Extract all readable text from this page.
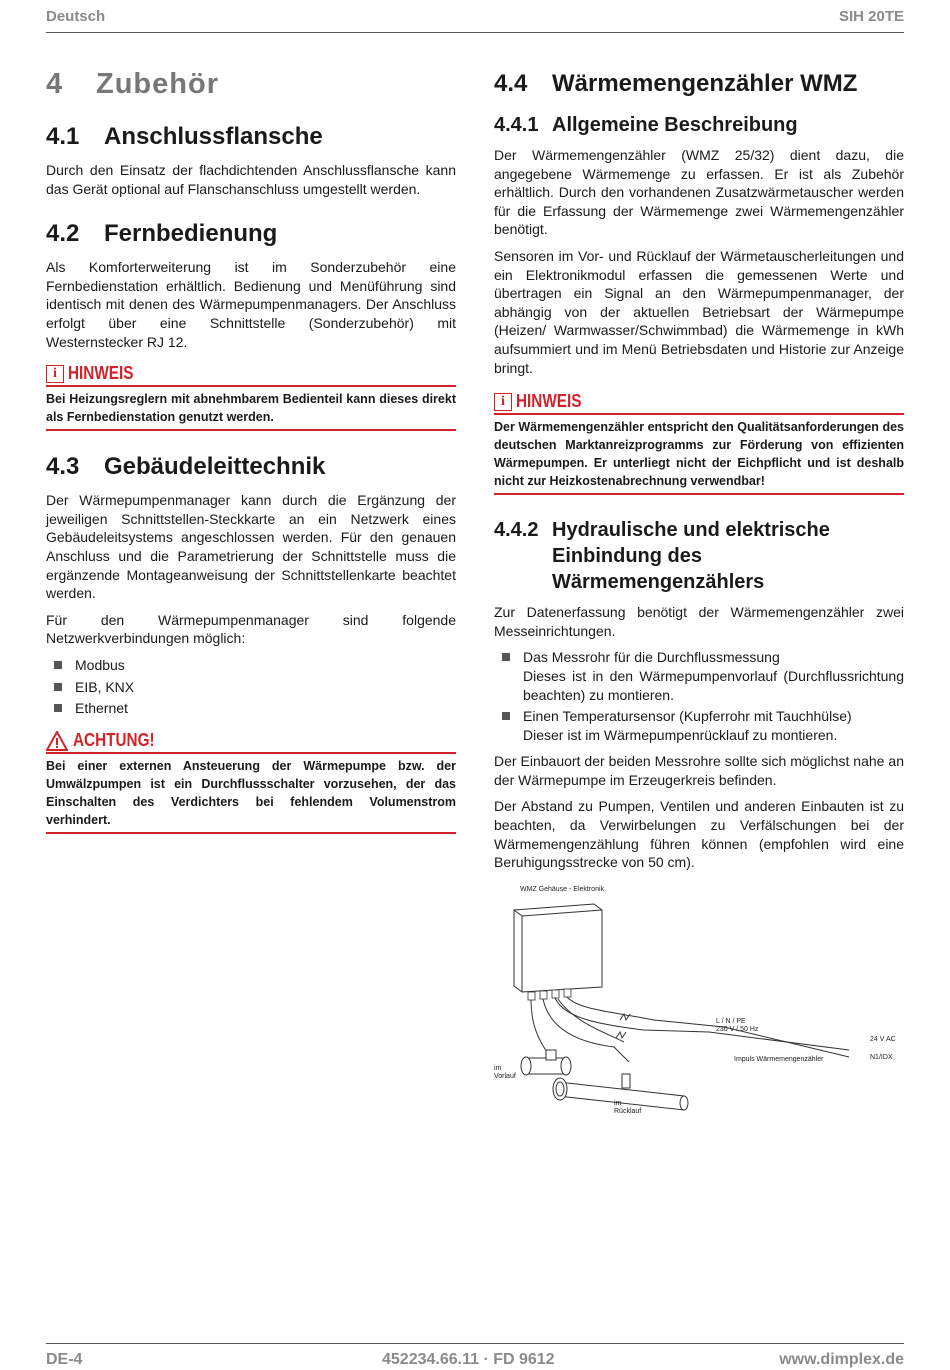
Deutsch	SIH 20TE
4 Zubehör
4.1 Anschlussflansche

Durch den Einsatz der flachdichtenden Anschlussflansche kann das Gerät optional auf Flanschanschluss umgestellt werden.

4.2 Fernbedienung

Als Komforterweiterung ist im Sonderzubehör eine Fernbedienstation erhältlich. Bedienung und Menüführung sind identisch mit denen des Wärmepumpenmanagers. Der Anschluss erfolgt über eine Schnittstelle (Sonderzubehör) mit Westernstecker RJ 12.

i HINWEIS
Bei Heizungsreglern mit abnehmbarem Bedienteil kann dieses direkt als Fernbedienstation genutzt werden.
4.3 Gebäudeleittechnik

Der Wärmepumpenmanager kann durch die Ergänzung der jeweiligen Schnittstellen-Steckkarte an ein Netzwerk eines Gebäudeleitsystems angeschlossen werden. Für den genauen Anschluss und die Parametrierung der Schnittstelle muss die ergänzende Montageanweisung der Schnittstellenkarte beachtet werden.

Für den Wärmepumpenmanager sind folgende Netzwerkverbindungen möglich:

Modbus
EIB, KNX
Ethernet
ACHTUNG!
Bei einer externen Ansteuerung der Wärmepumpe bzw. der Umwälzpumpen ist ein Durchflussschalter vorzusehen, der das Einschalten des Verdichters bei fehlendem Volumenstrom verhindert.
4.4 Wärmemengenzähler WMZ
4.4.1 Allgemeine Beschreibung

Der Wärmemengenzähler (WMZ 25/32) dient dazu, die angegebene Wärmemenge zu erfassen. Er ist als Zubehör erhältlich. Durch den vorhandenen Zusatzwärmetauscher werden für die Erfassung der Wärmemenge zwei Wärmemengenzähler benötigt.

Sensoren im Vor- und Rücklauf der Wärmetauscherleitungen und ein Elektronikmodul erfassen die gemessenen Werte und übertragen ein Signal an den Wärmepumpenmanager, der abhängig von der aktuellen Betriebsart der Wärmepumpe (Heizen/ Warmwasser/Schwimmbad) die Wärmemenge in kWh aufsummiert und im Menü Betriebsdaten und Historie zur Anzeige bringt.

i HINWEIS
Der Wärmemengenzähler entspricht den Qualitätsanforderungen des deutschen Marktanreizprogramms zur Förderung von effizienten Wärmepumpen. Er unterliegt nicht der Eichpflicht und ist deshalb nicht zur Heizkostenabrechnung verwendbar!
4.4.2 Hydraulische und elektrische Einbindung des Wärmemengenzählers

Zur Datenerfassung benötigt der Wärmemengenzähler zwei Messeinrichtungen.

Das Messrohr für die Durchflussmessung
Dieses ist in den Wärmepumpenvorlauf (Durchflussrichtung beachten) zu montieren.
Einen Temperatursensor (Kupferrohr mit Tauchhülse)
Dieser ist im Wärmepumpenrücklauf zu montieren.

Der Einbauort der beiden Messrohre sollte sich möglichst nahe an der Wärmepumpe im Erzeugerkreis befinden.

Der Abstand zu Pumpen, Ventilen und anderen Einbauten ist zu beachten, da Verwirbelungen zu Verfälschungen bei der Wärmemengenzählung führen können (empfohlen wird eine Beruhigungsstrecke von 50 cm).

WMZ Gehäuse - Elektronik
L / N / PE
230 V / 50 Hz
Impuls Wärmemengenzähler
24 V AC
N1/IDX
im
Vorlauf
im
Rücklauf
DE-4	452234.66.11 · FD 9612	www.dimplex.de
